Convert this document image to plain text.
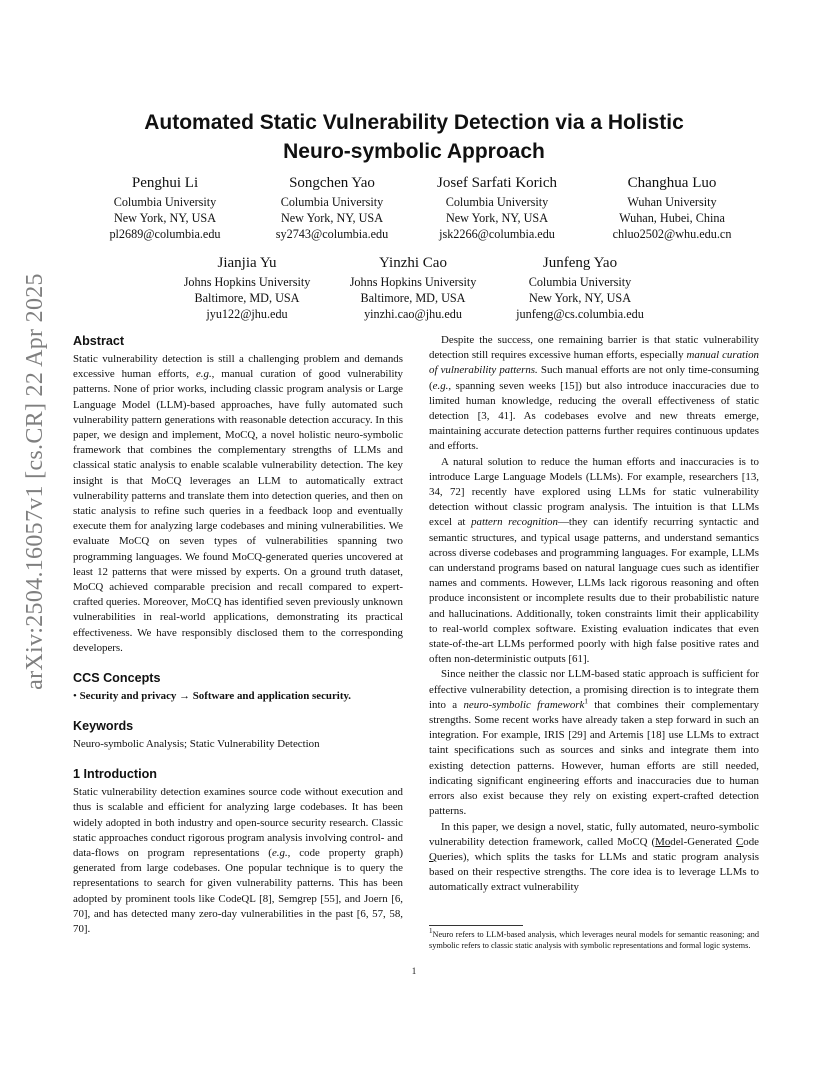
arXiv:2504.16057v1 [cs.CR] 22 Apr 2025
Automated Static Vulnerability Detection via a Holistic
Neuro-symbolic Approach
Penghui Li
Columbia University
New York, NY, USA
pl2689@columbia.edu
Songchen Yao
Columbia University
New York, NY, USA
sy2743@columbia.edu
Josef Sarfati Korich
Columbia University
New York, NY, USA
jsk2266@columbia.edu
Changhua Luo
Wuhan University
Wuhan, Hubei, China
chluo2502@whu.edu.cn
Jianjia Yu
Johns Hopkins University
Baltimore, MD, USA
jyu122@jhu.edu
Yinzhi Cao
Johns Hopkins University
Baltimore, MD, USA
yinzhi.cao@jhu.edu
Junfeng Yao
Columbia University
New York, NY, USA
junfeng@cs.columbia.edu
Abstract

Static vulnerability detection is still a challenging problem and demands excessive human efforts, e.g., manual curation of good vulnerability patterns. None of prior works, including classic program analysis or Large Language Model (LLM)-based approaches, have fully automated such vulnerability pattern generations with reasonable detection accuracy. In this paper, we design and implement, MoCQ, a novel holistic neuro-symbolic framework that combines the complementary strengths of LLMs and classical static analysis to enable scalable vulnerability detection. The key insight is that MoCQ leverages an LLM to automatically extract vulnerability patterns and translate them into detection queries, and then on static analysis to refine such queries in a feedback loop and eventually execute them for analyzing large codebases and mining vulnerabilities. We evaluate MoCQ on seven types of vulnerabilities spanning two programming languages. We found MoCQ-generated queries uncovered at least 12 patterns that were missed by experts. On a ground truth dataset, MoCQ achieved comparable precision and recall compared to expert-crafted queries. Moreover, MoCQ has identified seven previously unknown vulnerabilities in real-world applications, demonstrating its practical effectiveness. We have responsibly disclosed them to the corresponding developers.

CCS Concepts
• Security and privacy → Software and application security.
Keywords

Neuro-symbolic Analysis; Static Vulnerability Detection

1 Introduction

Static vulnerability detection examines source code without execution and thus is scalable and efficient for analyzing large codebases. It has been widely adopted in both industry and open-source security research. Classic static approaches conduct rigorous program analysis involving control- and data-flows on program representations (e.g., code property graph) generated from large codebases. One popular technique is to query the representations to search for given vulnerability patterns. This has been adopted by prominent tools like CodeQL [8], Semgrep [55], and Joern [6, 70], and has detected many zero-day vulnerabilities in the past [6, 57, 58, 70].

Despite the success, one remaining barrier is that static vulnerability detection still requires excessive human efforts, especially manual curation of vulnerability patterns. Such manual efforts are not only time-consuming (e.g., spanning seven weeks [15]) but also introduce inaccuracies due to limited human knowledge, reducing the overall effectiveness of static detection [3, 41]. As codebases evolve and new threats emerge, maintaining accurate detection patterns further requires continuous updates and efforts.

A natural solution to reduce the human efforts and inaccuracies is to introduce Large Language Models (LLMs). For example, researchers [13, 34, 72] recently have explored using LLMs for static vulnerability detection without classic program analysis. The intuition is that LLMs excel at pattern recognition—they can identify recurring syntactic and semantic structures, and typical usage patterns, and understand semantics across diverse codebases and programming languages. For example, LLMs can understand programs based on natural language cues such as identifier names and comments. However, LLMs lack rigorous reasoning and often produce inconsistent or incomplete results due to their probabilistic nature and hallucinations. Additionally, token constraints limit their applicability to real-world complex software. Existing evaluation indicates that even state-of-the-art LLMs performed poorly with high false positive rates and often non-deterministic outputs [61].

Since neither the classic nor LLM-based static approach is sufficient for effective vulnerability detection, a promising direction is to integrate them into a neuro-symbolic framework$^1$ that combines their complementary strengths. Some recent works have already taken a step forward in such an integration. For example, IRIS [29] and Artemis [18] use LLMs to extract taint specifications such as sources and sinks and integrate them into existing detection patterns. However, human efforts are still needed, indicating significant engineering efforts and inaccuracies due to human errors also exist because they rely on existing expert-crafted detection patterns.

In this paper, we design a novel, static, fully automated, neuro-symbolic vulnerability detection framework, called MoCQ (Model-Generated Code Queries), which splits the tasks for LLMs and static program analysis based on their respective strengths. The core idea is to leverage LLMs to automatically extract vulnerability

$^1$Neuro refers to LLM-based analysis, which leverages neural models for semantic reasoning; and symbolic refers to classic static analysis with symbolic representations and formal logic systems.
1
